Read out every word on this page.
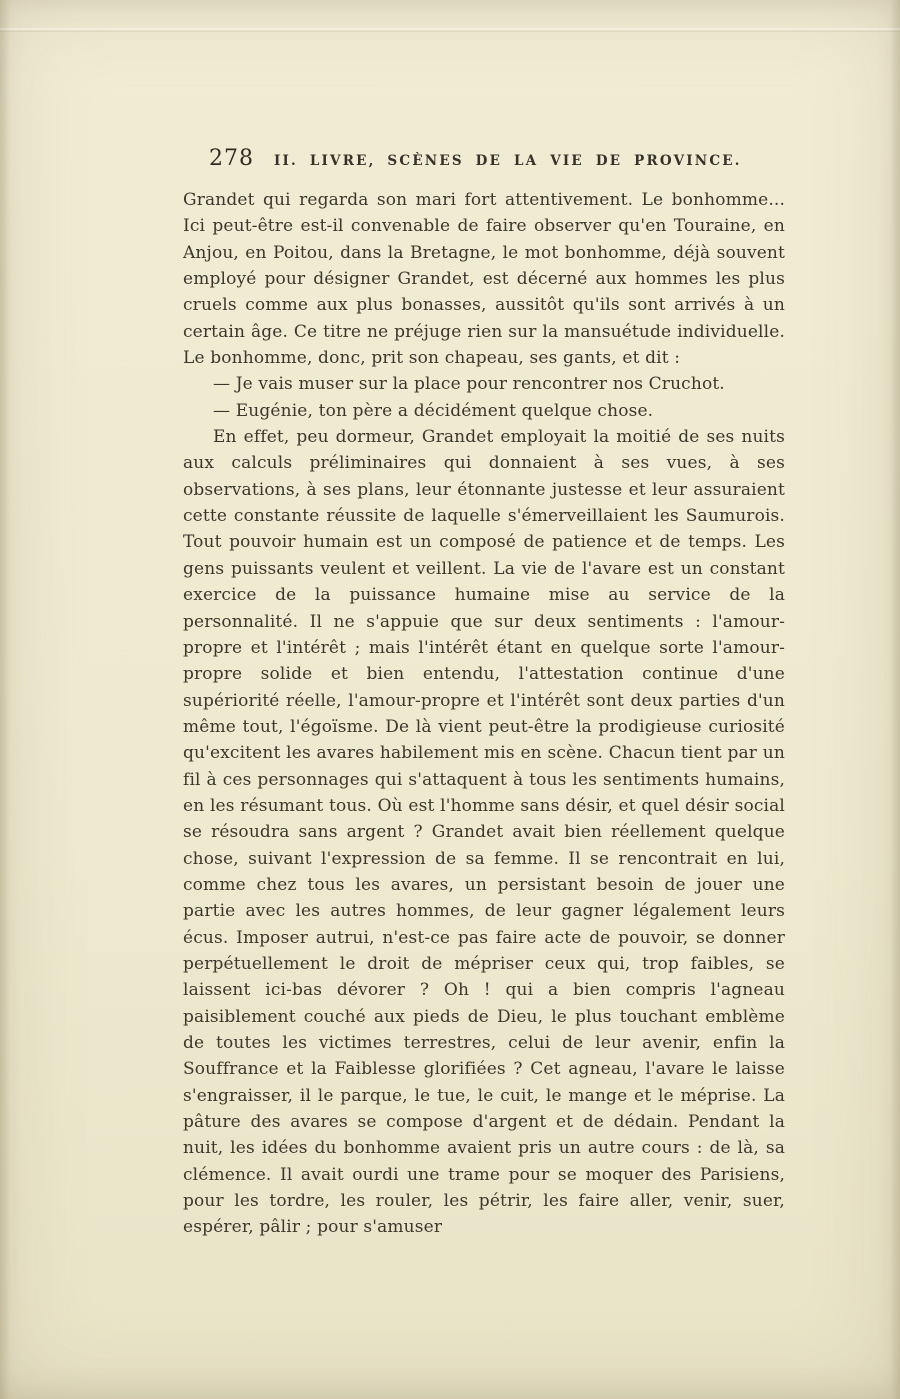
278 II. LIVRE, SCÈNES DE LA VIE DE PROVINCE.

Grandet qui regarda son mari fort attentivement. Le bonhomme... Ici peut-être est-il convenable de faire observer qu'en Touraine, en Anjou, en Poitou, dans la Bretagne, le mot bonhomme, déjà souvent employé pour désigner Grandet, est décerné aux hommes les plus cruels comme aux plus bonasses, aussitôt qu'ils sont arrivés à un certain âge. Ce titre ne préjuge rien sur la mansuétude individuelle. Le bonhomme, donc, prit son chapeau, ses gants, et dit :

— Je vais muser sur la place pour rencontrer nos Cruchot.

— Eugénie, ton père a décidément quelque chose.

En effet, peu dormeur, Grandet employait la moitié de ses nuits aux calculs préliminaires qui donnaient à ses vues, à ses observations, à ses plans, leur étonnante justesse et leur assuraient cette constante réussite de laquelle s'émerveillaient les Saumurois. Tout pouvoir humain est un composé de patience et de temps. Les gens puissants veulent et veillent. La vie de l'avare est un constant exercice de la puissance humaine mise au service de la personnalité. Il ne s'appuie que sur deux sentiments : l'amour-propre et l'intérêt ; mais l'intérêt étant en quelque sorte l'amour-propre solide et bien entendu, l'attestation continue d'une supériorité réelle, l'amour-propre et l'intérêt sont deux parties d'un même tout, l'égoïsme. De là vient peut-être la prodigieuse curiosité qu'excitent les avares habilement mis en scène. Chacun tient par un fil à ces personnages qui s'attaquent à tous les sentiments humains, en les résumant tous. Où est l'homme sans désir, et quel désir social se résoudra sans argent ? Grandet avait bien réellement quelque chose, suivant l'expression de sa femme. Il se rencontrait en lui, comme chez tous les avares, un persistant besoin de jouer une partie avec les autres hommes, de leur gagner légalement leurs écus. Imposer autrui, n'est-ce pas faire acte de pouvoir, se donner perpétuellement le droit de mépriser ceux qui, trop faibles, se laissent ici-bas dévorer ? Oh ! qui a bien compris l'agneau paisiblement couché aux pieds de Dieu, le plus touchant emblème de toutes les victimes terrestres, celui de leur avenir, enfin la Souffrance et la Faiblesse glorifiées ? Cet agneau, l'avare le laisse s'engraisser, il le parque, le tue, le cuit, le mange et le méprise. La pâture des avares se compose d'argent et de dédain. Pendant la nuit, les idées du bonhomme avaient pris un autre cours : de là, sa clémence. Il avait ourdi une trame pour se moquer des Parisiens, pour les tordre, les rouler, les pétrir, les faire aller, venir, suer, espérer, pâlir ; pour s'amuser
